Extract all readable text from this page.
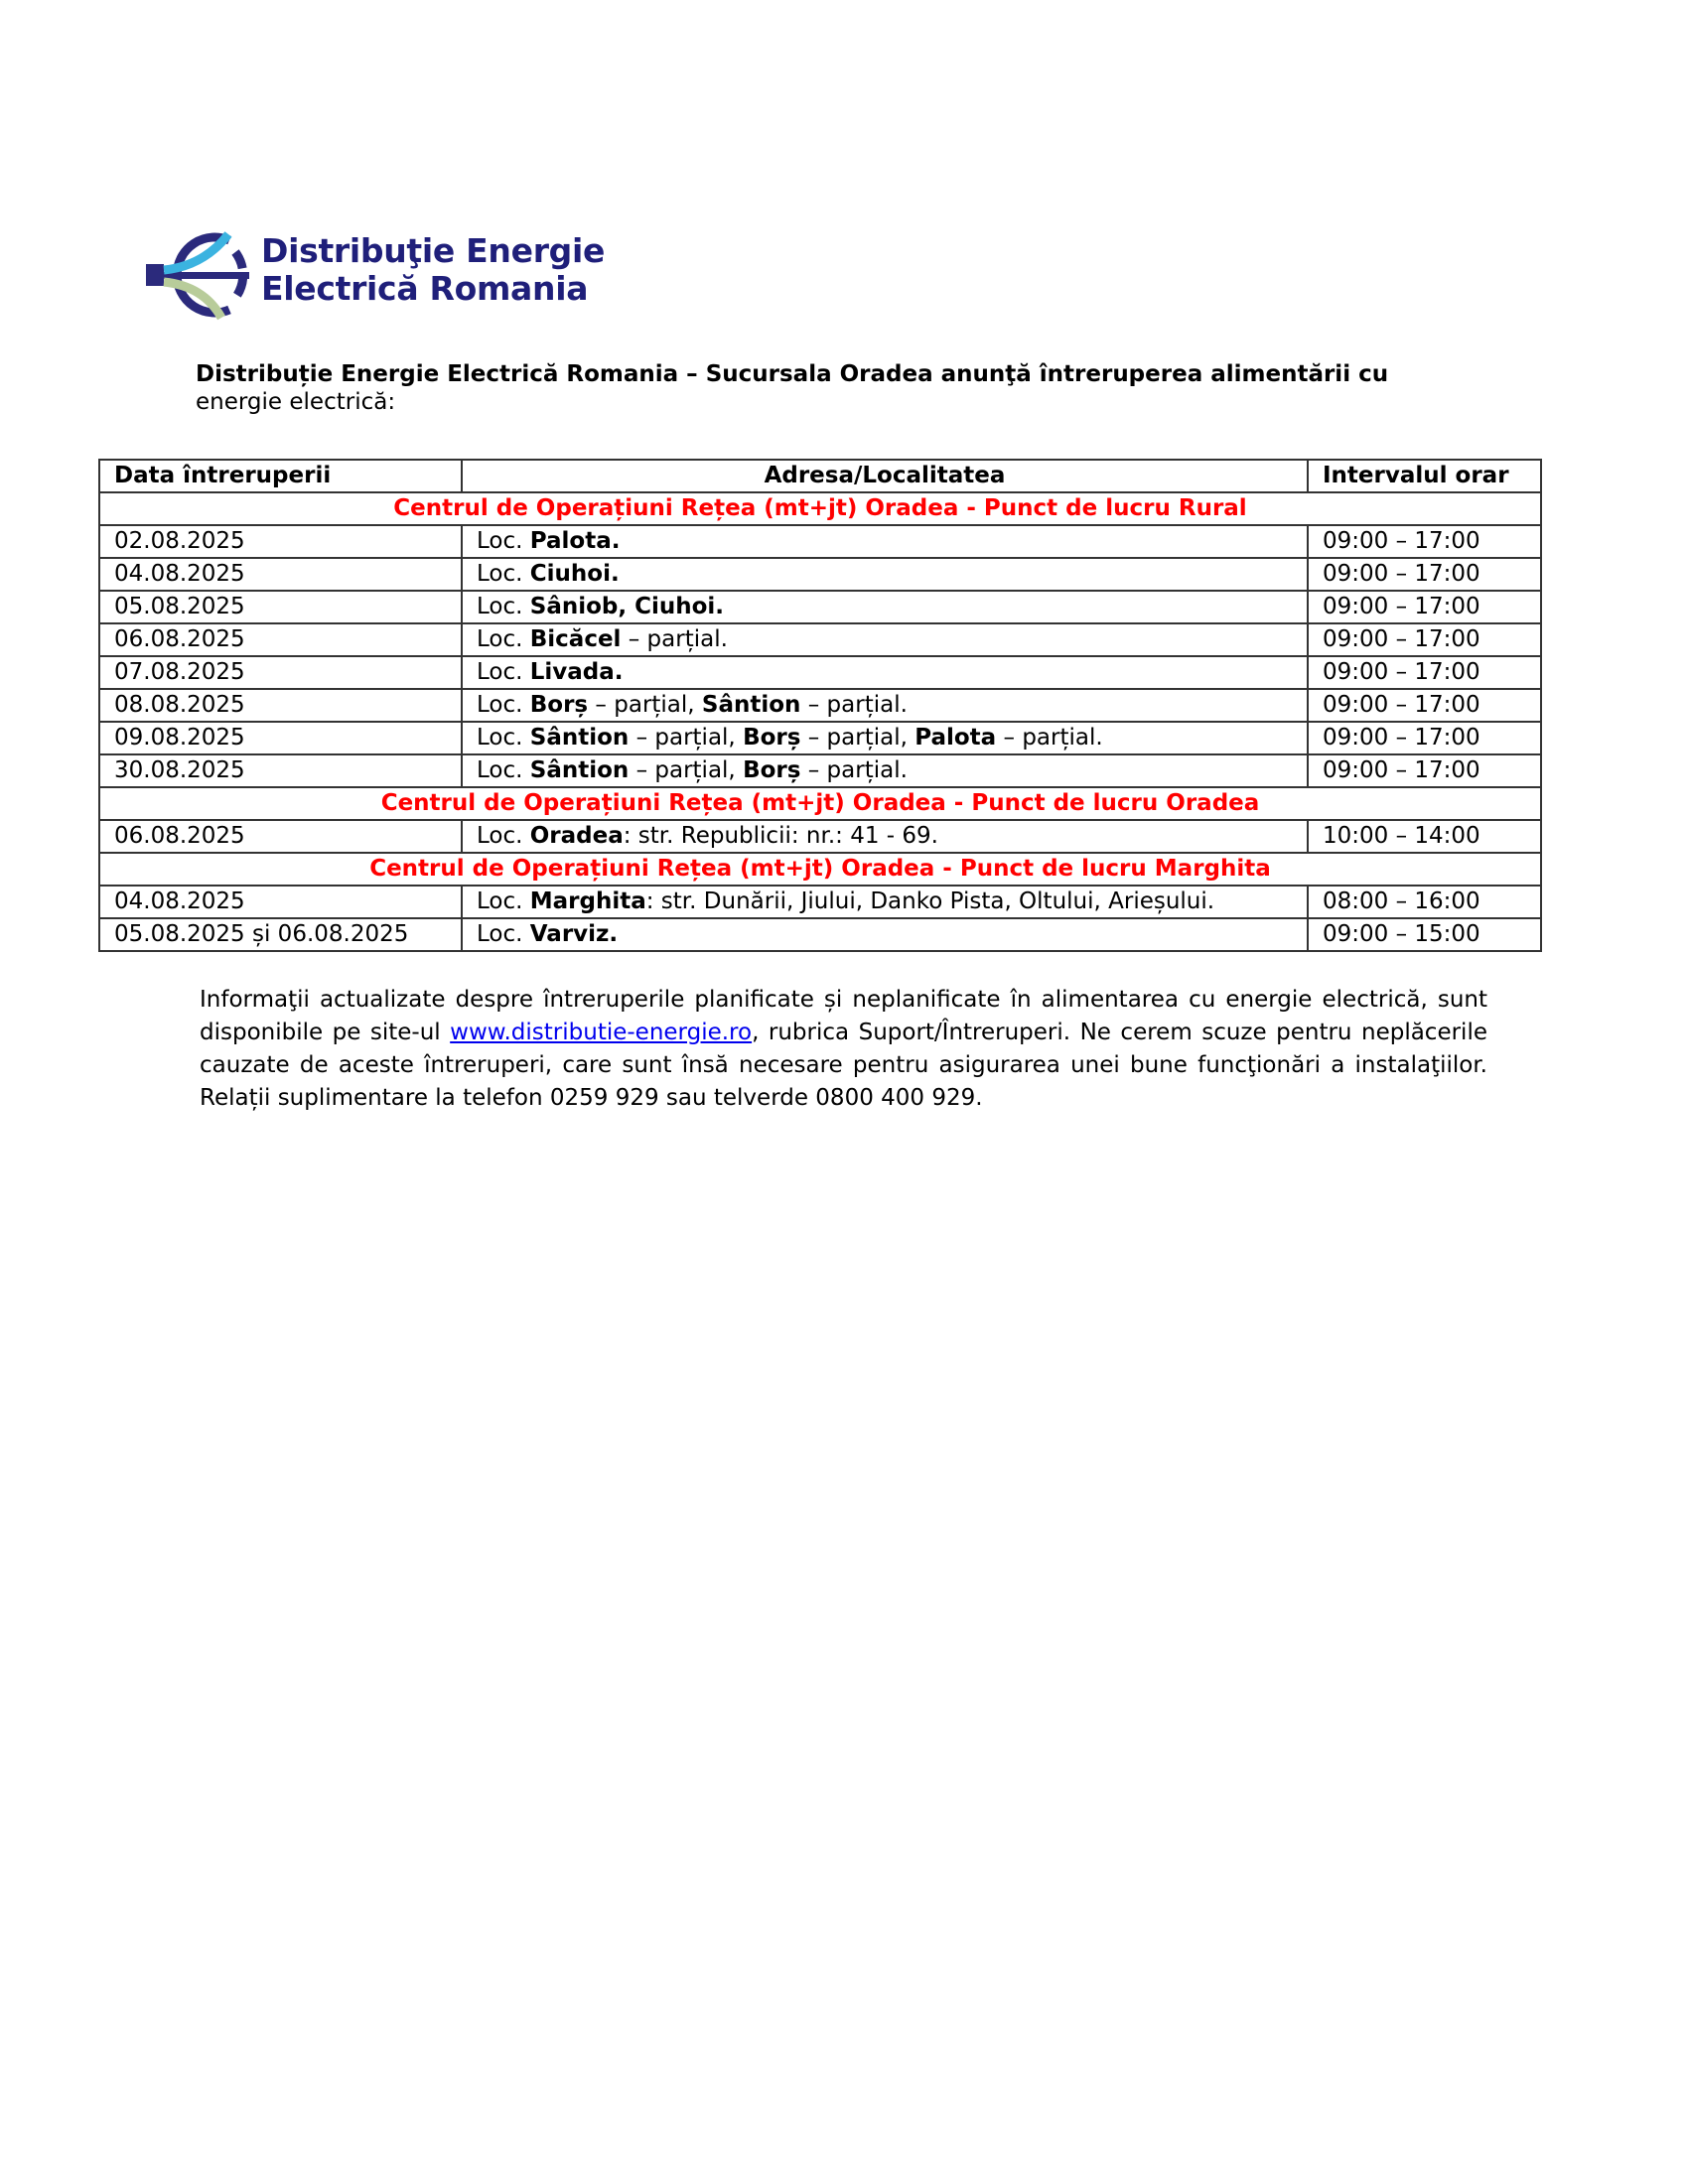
Distribuţie Energie
Electrică Romania
Distribuție Energie Electrică Romania – Sucursala Oradea anunţă întreruperea alimentării cu
energie electrică:
Data întreruperii	Adresa/Localitatea	Intervalul orar
Centrul de Operațiuni Rețea (mt+jt) Oradea - Punct de lucru Rural		
02.08.2025	Loc. Palota.	09:00 – 17:00
04.08.2025	Loc. Ciuhoi.	09:00 – 17:00
05.08.2025	Loc. Sâniob, Ciuhoi.	09:00 – 17:00
06.08.2025	Loc. Bicăcel – parțial.	09:00 – 17:00
07.08.2025	Loc. Livada.	09:00 – 17:00
08.08.2025	Loc. Borș – parțial, Sântion – parțial.	09:00 – 17:00
09.08.2025	Loc. Sântion – parțial, Borș – parțial, Palota – parțial.	09:00 – 17:00
30.08.2025	Loc. Sântion – parțial, Borș – parțial.	09:00 – 17:00
Centrul de Operațiuni Rețea (mt+jt) Oradea - Punct de lucru Oradea		
06.08.2025	Loc. Oradea: str. Republicii: nr.: 41 - 69.	10:00 – 14:00
Centrul de Operațiuni Rețea (mt+jt) Oradea - Punct de lucru Marghita		
04.08.2025	Loc. Marghita: str. Dunării, Jiului, Danko Pista, Oltului, Arieșului.	08:00 – 16:00
05.08.2025 și 06.08.2025	Loc. Varviz.	09:00 – 15:00
Informaţii actualizate despre întreruperile planificate și neplanificate în alimentarea cu energie electrică, sunt disponibile pe site-ul www.distributie-energie.ro, rubrica Suport/Întreruperi. Ne cerem scuze pentru neplăcerile cauzate de aceste întreruperi, care sunt însă necesare pentru asigurarea unei bune funcţionări a instalaţiilor. Relații suplimentare la telefon 0259 929 sau telverde 0800 400 929.
